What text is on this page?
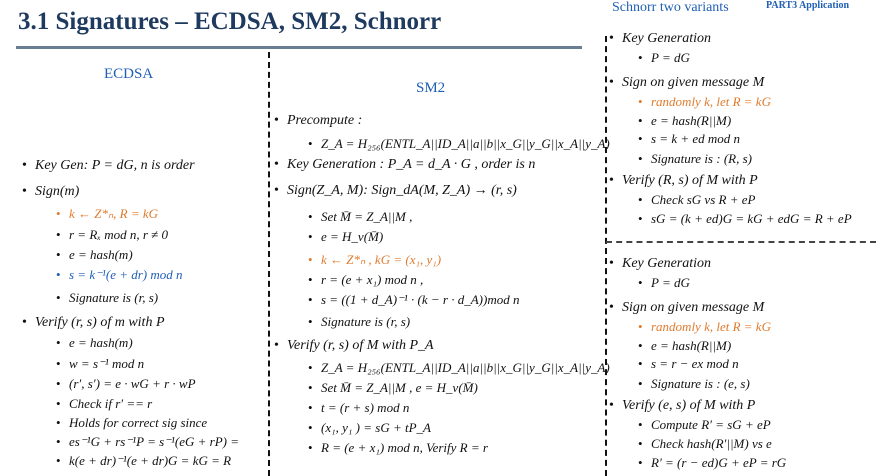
3.1 Signatures – ECDSA, SM2, Schnorr
Schnorr two variants	PART3 Application
ECDSA
SM2
• Key Gen: P = dG, n is order
• Sign(m)
• k ← Z*ₙ, R = kG
• r = Rₓ mod n, r ≠ 0
• e = hash(m)
• s = k⁻¹(e + dr) mod n
• Signature is (r, s)
• Verify (r, s) of m with P
• e = hash(m)
• w = s⁻¹ mod n
• (r′, s′) = e · wG + r · wP
• Check if r′ == r
• Holds for correct sig since
• es⁻¹G + rs⁻¹P = s⁻¹(eG + rP) =
• k(e + dr)⁻¹(e + dr)G = kG = R
• Precompute :
• Z_A = H₂₅₆(ENTL_A||ID_A||a||b||x_G||y_G||x_A||y_A)
• Key Generation : P_A = d_A · G , order is n
• Sign(Z_A, M): Sign_dA(M, Z_A) → (r, s)
• Set M̄ = Z_A||M ,
• e = H_v(M̄)
• k ← Z*ₙ , kG = (x₁, y₁)
• r = (e + x₁) mod n ,
• s = ((1 + d_A)⁻¹ · (k − r · d_A))mod n
• Signature is (r, s)
• Verify (r, s) of M with P_A
• Z_A = H₂₅₆(ENTL_A||ID_A||a||b||x_G||y_G||x_A||y_A)
• Set M̄ = Z_A||M , e = H_v(M̄)
• t = (r + s) mod n
• (x₁, y₁ ) = sG + tP_A
• R = (e + x₁) mod n, Verify R = r
• Key Generation
• P = dG
• Sign on given message M
• randomly k, let R = kG
• e = hash(R||M)
• s = k + ed mod n
• Signature is : (R, s)
• Verify (R, s) of M with P
• Check sG vs R + eP
• sG = (k + ed)G = kG + edG = R + eP
• Key Generation
• P = dG
• Sign on given message M
• randomly k, let R = kG
• e = hash(R||M)
• s = r − ex mod n
• Signature is : (e, s)
• Verify (e, s) of M with P
• Compute R′ = sG + eP
• Check hash(R′||M) vs e
• R′ = (r − ed)G + eP = rG
